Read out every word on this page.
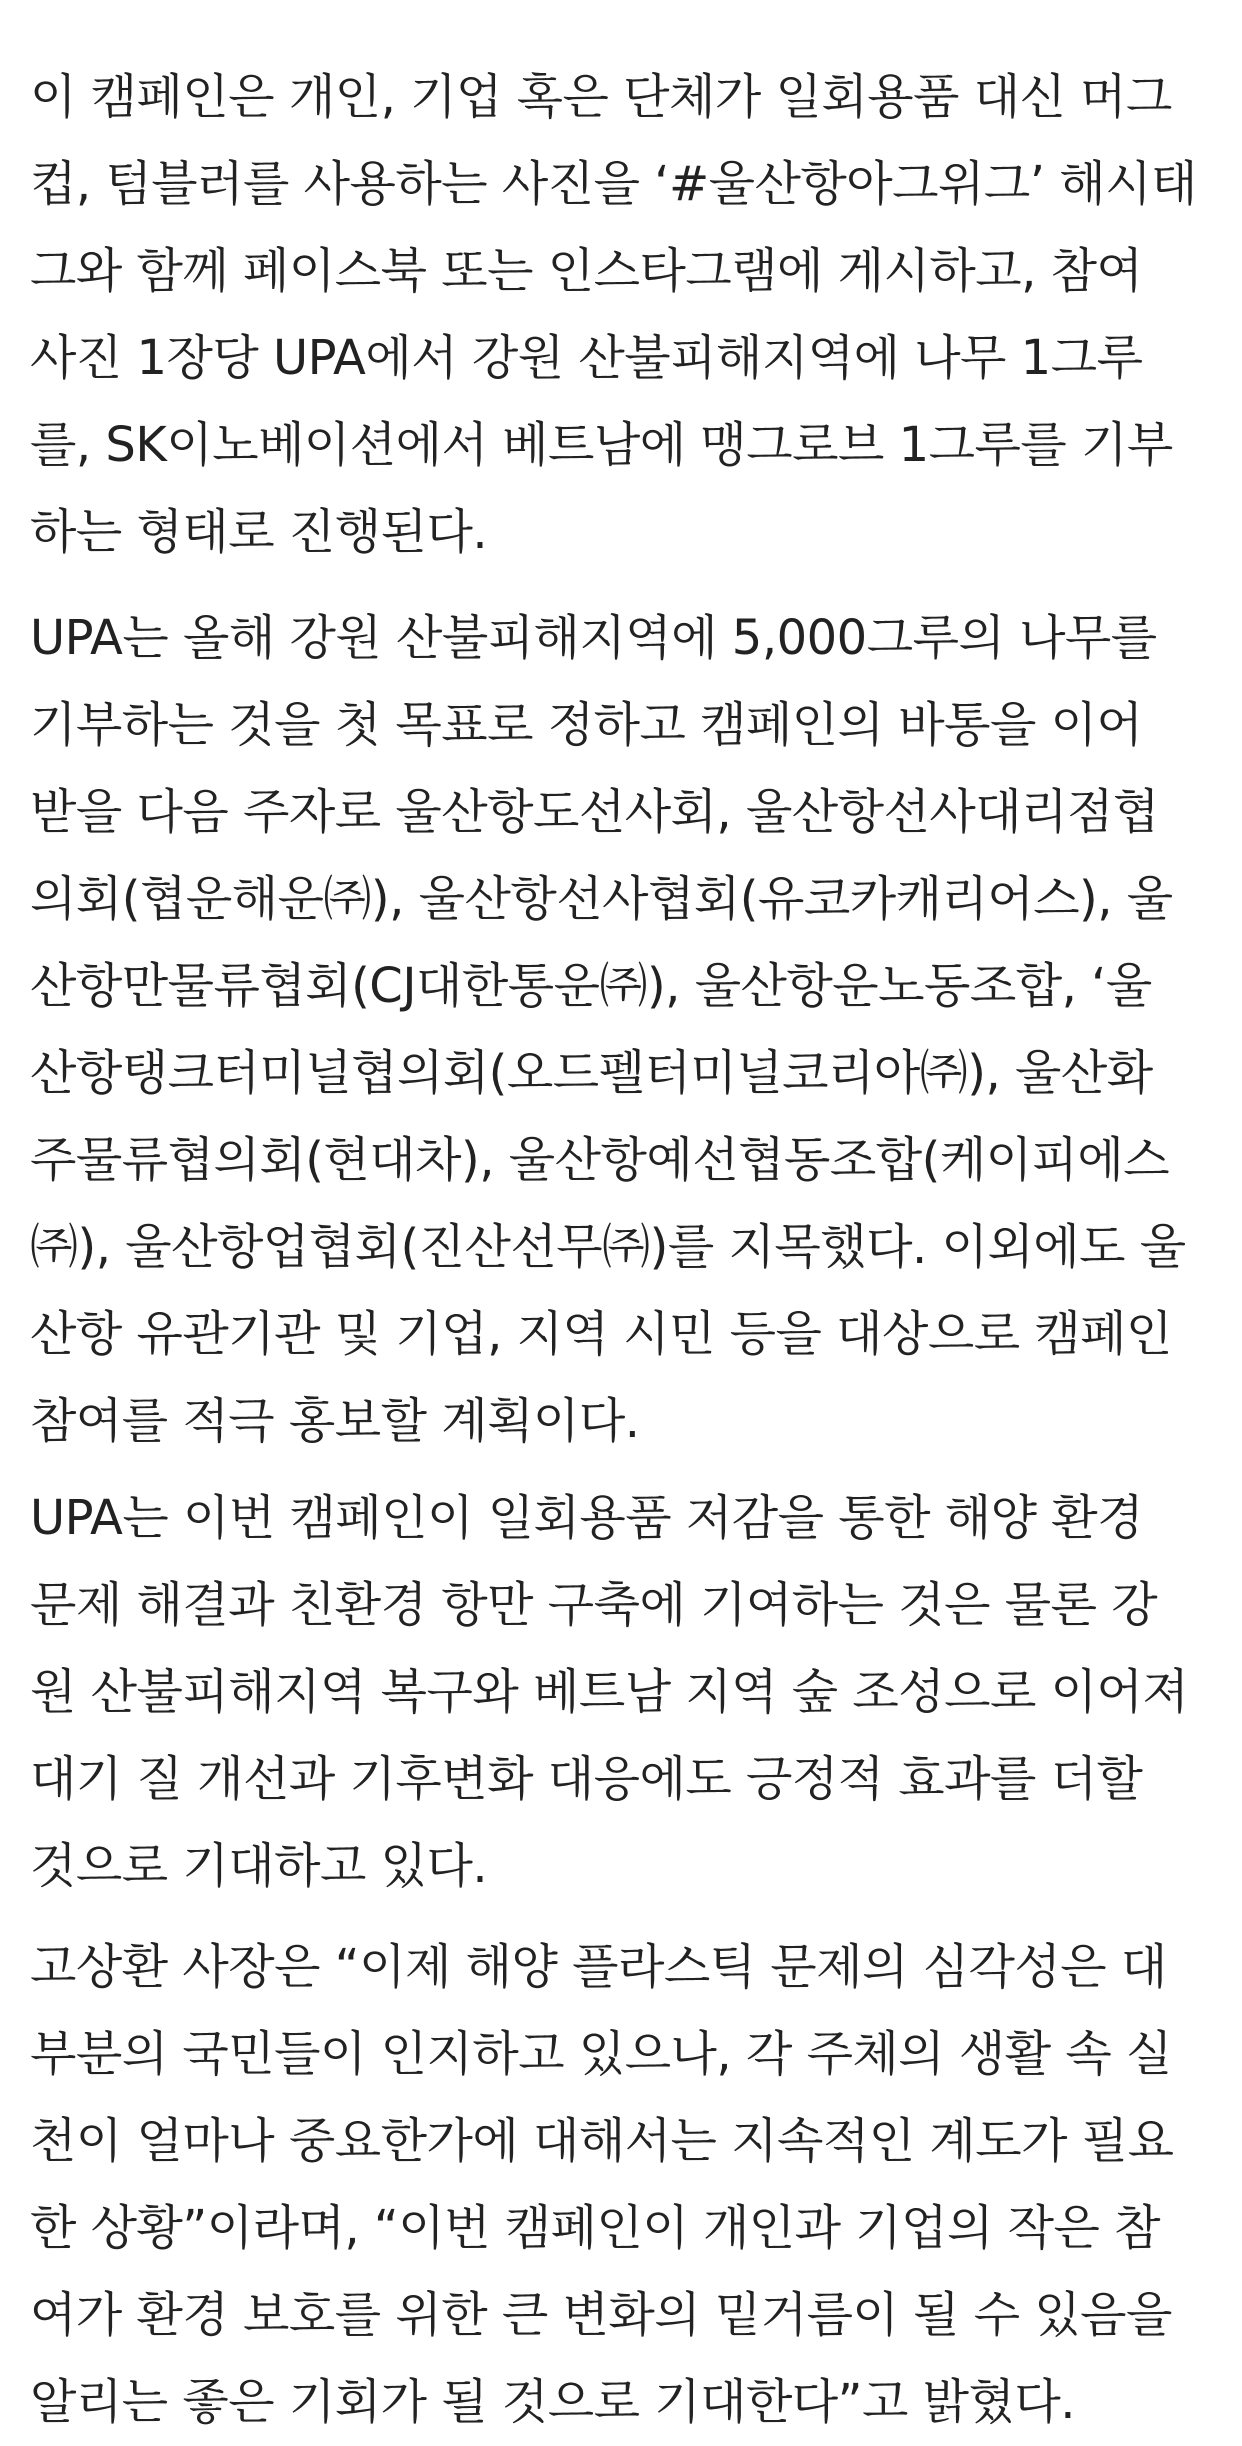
이 캠페인은 개인, 기업 혹은 단체가 일회용품 대신 머그
컵, 텀블러를 사용하는 사진을 ‘#울산항아그위그’ 해시태
그와 함께 페이스북 또는 인스타그램에 게시하고, 참여
사진 1장당 UPA에서 강원 산불피해지역에 나무 1그루
를, SK이노베이션에서 베트남에 맹그로브 1그루를 기부
하는 형태로 진행된다.

UPA는 올해 강원 산불피해지역에 5,000그루의 나무를
기부하는 것을 첫 목표로 정하고 캠페인의 바통을 이어
받을 다음 주자로 울산항도선사회, 울산항선사대리점협
의회(협운해운㈜), 울산항선사협회(유코카캐리어스), 울
산항만물류협회(CJ대한통운㈜), 울산항운노동조합, ‘울
산항탱크터미널협의회(오드펠터미널코리아㈜), 울산화
주물류협의회(현대차), 울산항예선협동조합(케이피에스
㈜), 울산항업협회(진산선무㈜)를 지목했다. 이외에도 울
산항 유관기관 및 기업, 지역 시민 등을 대상으로 캠페인
참여를 적극 홍보할 계획이다.

UPA는 이번 캠페인이 일회용품 저감을 통한 해양 환경
문제 해결과 친환경 항만 구축에 기여하는 것은 물론 강
원 산불피해지역 복구와 베트남 지역 숲 조성으로 이어져
대기 질 개선과 기후변화 대응에도 긍정적 효과를 더할
것으로 기대하고 있다.

고상환 사장은 “이제 해양 플라스틱 문제의 심각성은 대
부분의 국민들이 인지하고 있으나, 각 주체의 생활 속 실
천이 얼마나 중요한가에 대해서는 지속적인 계도가 필요
한 상황”이라며, “이번 캠페인이 개인과 기업의 작은 참
여가 환경 보호를 위한 큰 변화의 밑거름이 될 수 있음을
알리는 좋은 기회가 될 것으로 기대한다”고 밝혔다.
